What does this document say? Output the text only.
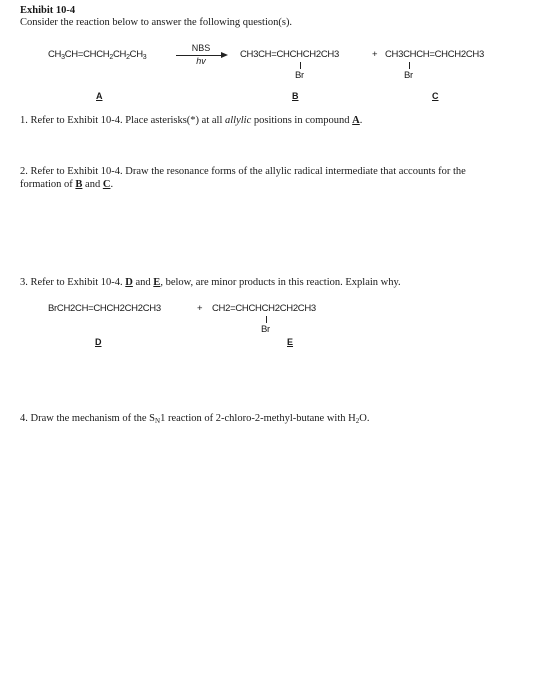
Exhibit 10-4
Consider the reaction below to answer the following question(s).
$CH_3CH=CHCH_2CH_2CH_3$
NBS
hv
CH3CH=CHCHCH2CH3
Br
+ CH3CHCH=CHCH2CH3
Br
A	B	C
1. Refer to Exhibit 10-4. Place asterisks(*) at all allylic positions in compound A.
2. Refer to Exhibit 10-4. Draw the resonance forms of the allylic radical intermediate that accounts for the
formation of B and C.
3. Refer to Exhibit 10-4. D and E, below, are minor products in this reaction. Explain why.
BrCH2CH=CHCH2CH2CH3	+ CH2=CHCHCH2CH2CH3
Br
D	E
4. Draw the mechanism of the SN1 reaction of 2-chloro-2-methyl-butane with H2O.
